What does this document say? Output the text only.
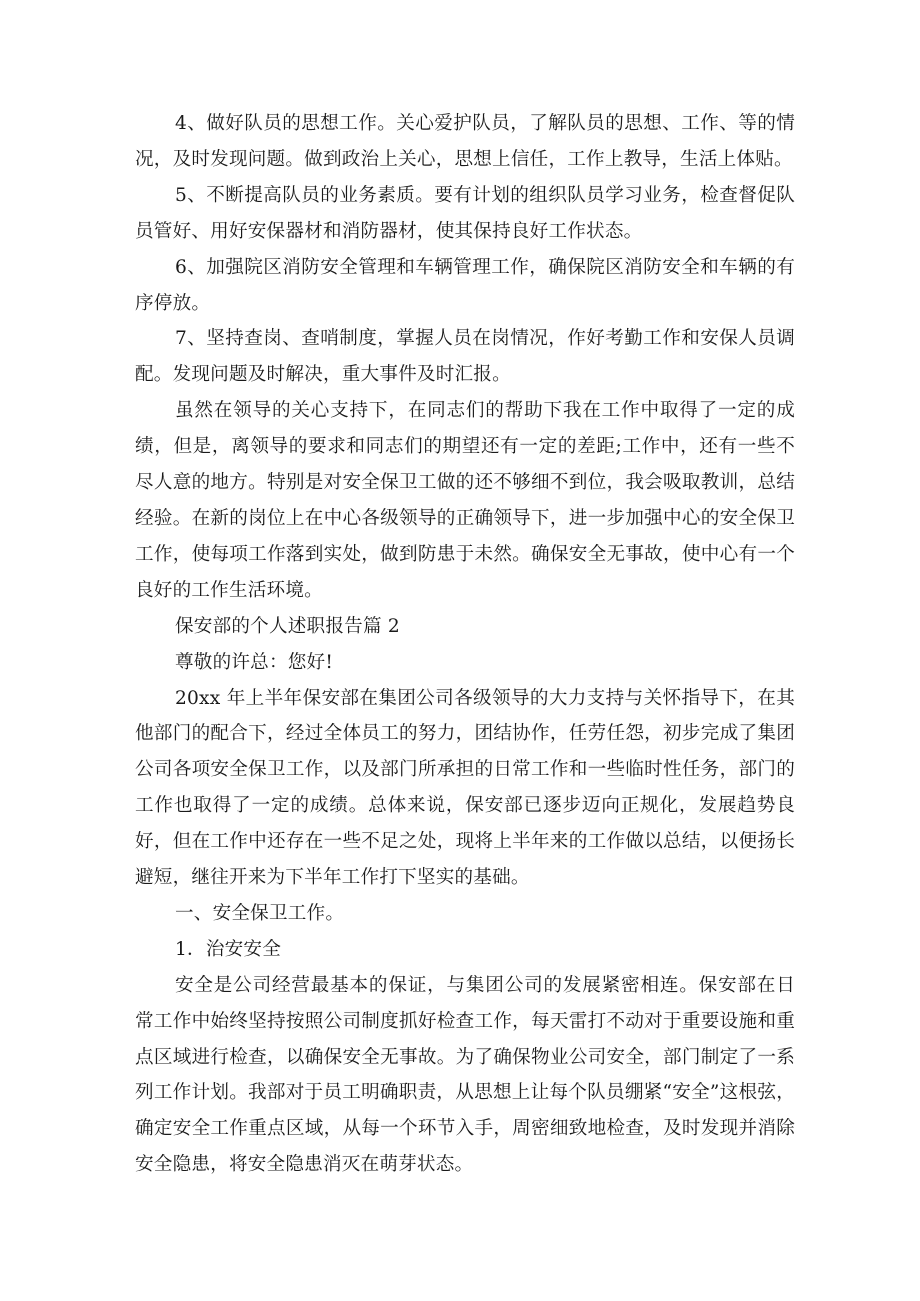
4、做好队员的思想工作。关心爱护队员，了解队员的思想、工作、等的情况，及时发现问题。做到政治上关心，思想上信任，工作上教导，生活上体贴。

5、不断提高队员的业务素质。要有计划的组织队员学习业务，检查督促队员管好、用好安保器材和消防器材，使其保持良好工作状态。

6、加强院区消防安全管理和车辆管理工作，确保院区消防安全和车辆的有序停放。

7、坚持查岗、查哨制度，掌握人员在岗情况，作好考勤工作和安保人员调配。发现问题及时解决，重大事件及时汇报。

虽然在领导的关心支持下，在同志们的帮助下我在工作中取得了一定的成绩，但是，离领导的要求和同志们的期望还有一定的差距;工作中，还有一些不尽人意的地方。特别是对安全保卫工做的还不够细不到位，我会吸取教训，总结经验。在新的岗位上在中心各级领导的正确领导下，进一步加强中心的安全保卫工作，使每项工作落到实处，做到防患于未然。确保安全无事故，使中心有一个良好的工作生活环境。

保安部的个人述职报告篇 2

尊敬的许总：您好!

20xx 年上半年保安部在集团公司各级领导的大力支持与关怀指导下，在其他部门的配合下，经过全体员工的努力，团结协作，任劳任怨，初步完成了集团公司各项安全保卫工作，以及部门所承担的日常工作和一些临时性任务，部门的工作也取得了一定的成绩。总体来说，保安部已逐步迈向正规化，发展趋势良好，但在工作中还存在一些不足之处，现将上半年来的工作做以总结，以便扬长避短，继往开来为下半年工作打下坚实的基础。

一、安全保卫工作。

1．治安安全

安全是公司经营最基本的保证，与集团公司的发展紧密相连。保安部在日常工作中始终坚持按照公司制度抓好检查工作，每天雷打不动对于重要设施和重点区域进行检查，以确保安全无事故。为了确保物业公司安全，部门制定了一系列工作计划。我部对于员工明确职责，从思想上让每个队员绷紧“安全”这根弦，确定安全工作重点区域，从每一个环节入手，周密细致地检查，及时发现并消除安全隐患，将安全隐患消灭在萌芽状态。
